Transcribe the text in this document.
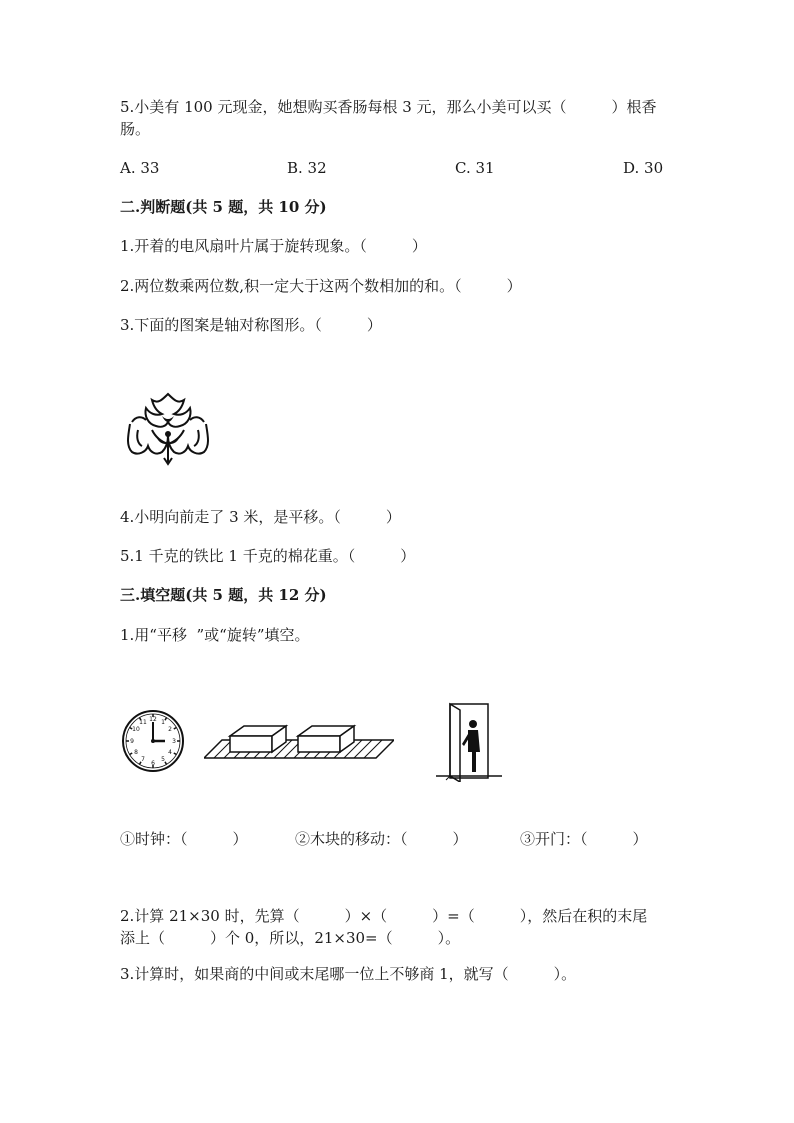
5.小美有 100 元现金，她想购买香肠每根 3 元，那么小美可以买（　　　）根香
肠。
A. 33	B. 32	C. 31	D. 30
二.判断题(共 5 题，共 10 分)
1.开着的电风扇叶片属于旋转现象。（　　　）
2.两位数乘两位数,积一定大于这两个数相加的和。（　　　）
3.下面的图案是轴对称图形。（　　　）
4.小明向前走了 3 米，是平移。（　　　）
5.1 千克的铁比 1 千克的棉花重。（　　　）
三.填空题(共 5 题，共 12 分)
1.用“平移  ”或“旋转”填空。
12 1
2
3
4
5
6
7
8
9
10
11
①时钟：（　　　）	②木块的移动：（　　　）	③开门：（　　　）
2.计算 21×30 时，先算（　　　）×（　　　）=（　　　），然后在积的末尾
添上（　　　）个 0，所以，21×30=（　　　）。
3.计算时，如果商的中间或末尾哪一位上不够商 1，就写（　　　）。
